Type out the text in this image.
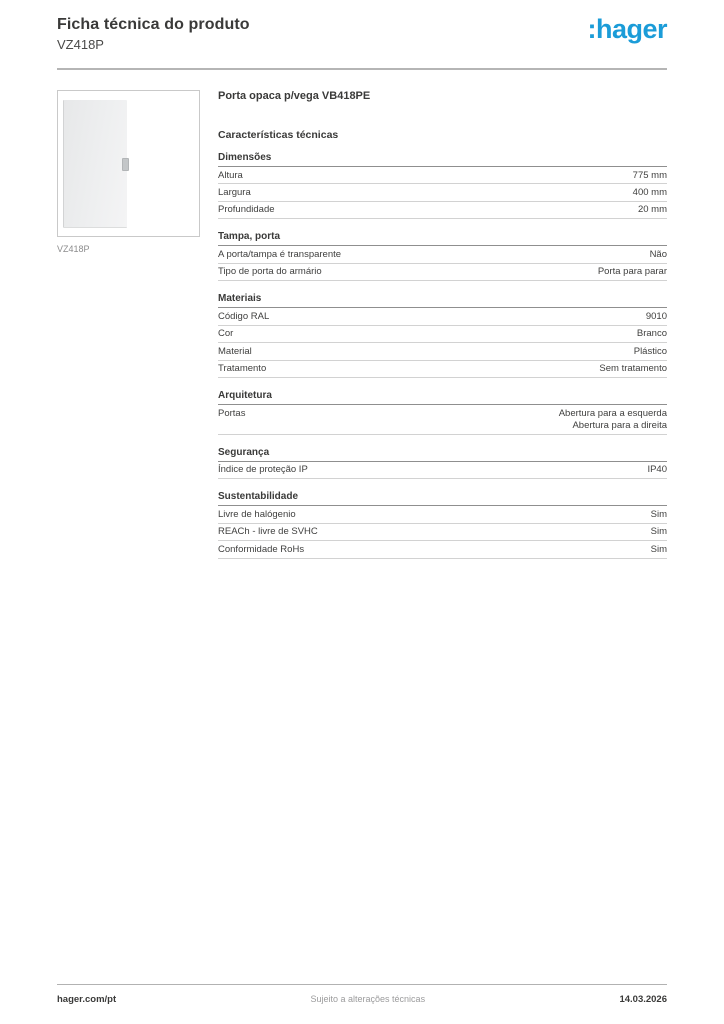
Ficha técnica do produto
VZ418P
:hager
VZ418P
Porta opaca p/vega VB418PE
Características técnicas
Dimensões
Altura	775 mm
Largura	400 mm
Profundidade	20 mm
Tampa, porta
A porta/tampa é transparente	Não
Tipo de porta do armário	Porta para parar
Materiais
Código RAL	9010
Cor	Branco
Material	Plástico
Tratamento	Sem tratamento
Arquitetura
Portas	Abertura para a esquerda
Abertura para a direita
Segurança
Índice de proteção IP	IP40
Sustentabilidade
Livre de halógenio	Sim
REACh - livre de SVHC	Sim
Conformidade RoHs	Sim
hager.com/pt	Sujeito a alterações técnicas	14.03.2026
